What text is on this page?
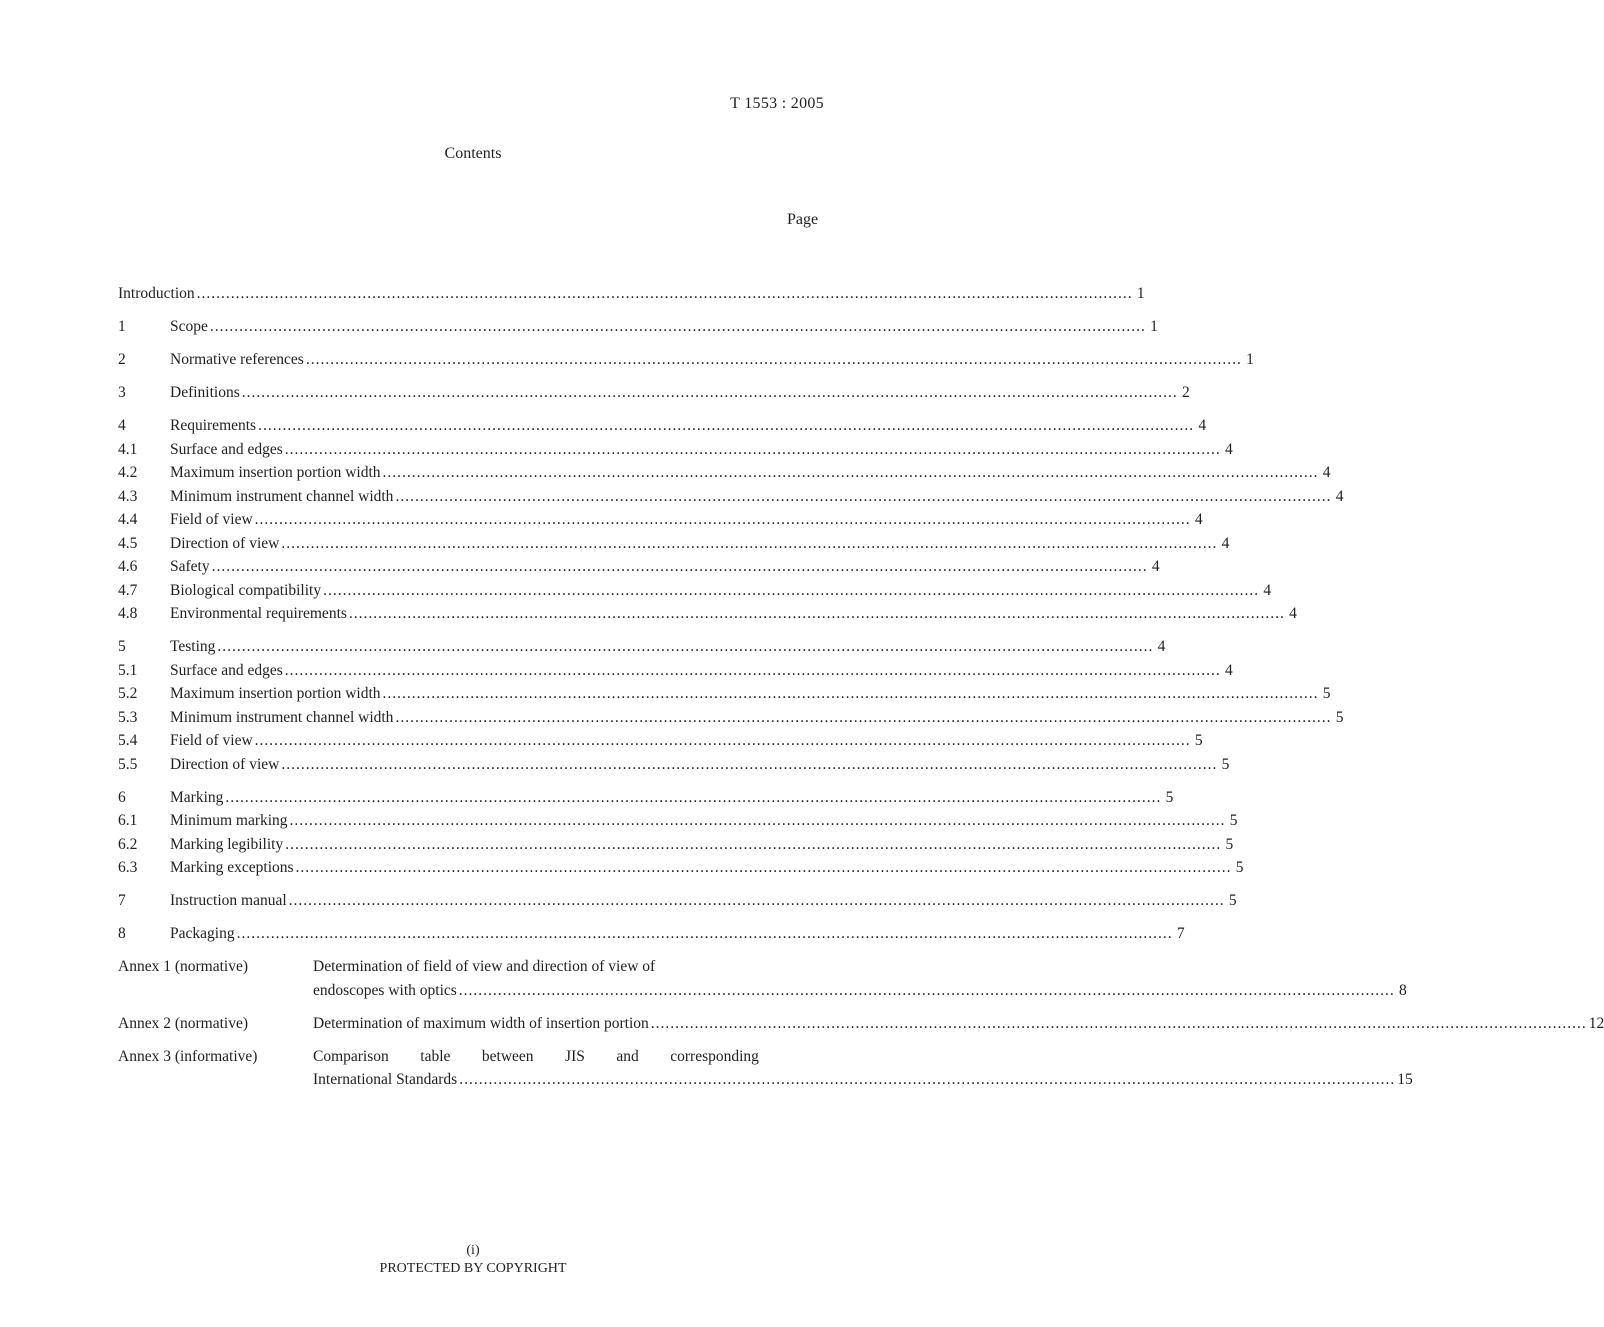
T 1553 : 2005
Contents
Page
Introduction .....	1
1	Scope .....	1
2	Normative references .....	1
3	Definitions .....	2
4	Requirements .....	4
4.1	Surface and edges .....	4
4.2	Maximum insertion portion width .....	4
4.3	Minimum instrument channel width .....	4
4.4	Field of view .....	4
4.5	Direction of view .....	4
4.6	Safety .....	4
4.7	Biological compatibility .....	4
4.8	Environmental requirements .....	4
5	Testing .....	4
5.1	Surface and edges .....	4
5.2	Maximum insertion portion width .....	5
5.3	Minimum instrument channel width .....	5
5.4	Field of view .....	5
5.5	Direction of view .....	5
6	Marking .....	5
6.1	Minimum marking .....	5
6.2	Marking legibility .....	5
6.3	Marking exceptions .....	5
7	Instruction manual .....	5
8	Packaging .....	7
Annex 1 (normative)	Determination of field of view and direction of view of
endoscopes with optics .....	8
Annex 2 (normative)	Determination of maximum width of insertion portion .....	12
Annex 3 (informative)	Comparison table between JIS and corresponding
International Standards .....	15
(i)
PROTECTED BY COPYRIGHT
